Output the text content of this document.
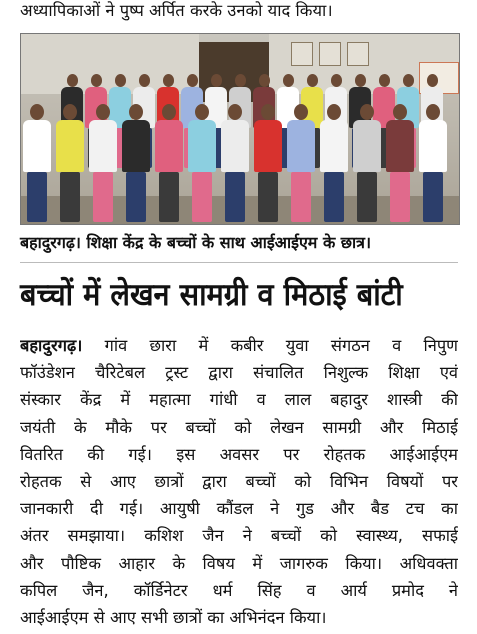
अध्यापिकाओं ने पुष्प अर्पित करके उनको याद किया।
बहादुरगढ़। शिक्षा केंद्र के बच्चों के साथ आईआईएम के छात्र।
बच्चों में लेखन सामग्री व मिठाई बांटी
बहादुरगढ़। गांव छारा में कबीर युवा संगठन व निपुण
फॉउंडेशन चैरिटेबल ट्रस्ट द्वारा संचालित निशुल्क शिक्षा एवं
संस्कार केंद्र में महात्मा गांधी व लाल बहादुर शास्त्री की
जयंती के मौके पर बच्चों को लेखन सामग्री और मिठाई
वितरित की गई। इस अवसर पर रोहतक आईआईएम
रोहतक से आए छात्रों द्वारा बच्चों को विभिन विषयों पर
जानकारी दी गई। आयुषी कौंडल ने गुड और बैड टच का
अंतर समझाया। कशिश जैन ने बच्चों को स्वास्थ्य, सफाई
और पौष्टिक आहार के विषय में जागरुक किया। अधिवक्ता
कपिल जैन, कॉर्डिनेटर धर्म सिंह व आर्य प्रमोद ने
आईआईएम से आए सभी छात्रों का अभिनंदन किया।
